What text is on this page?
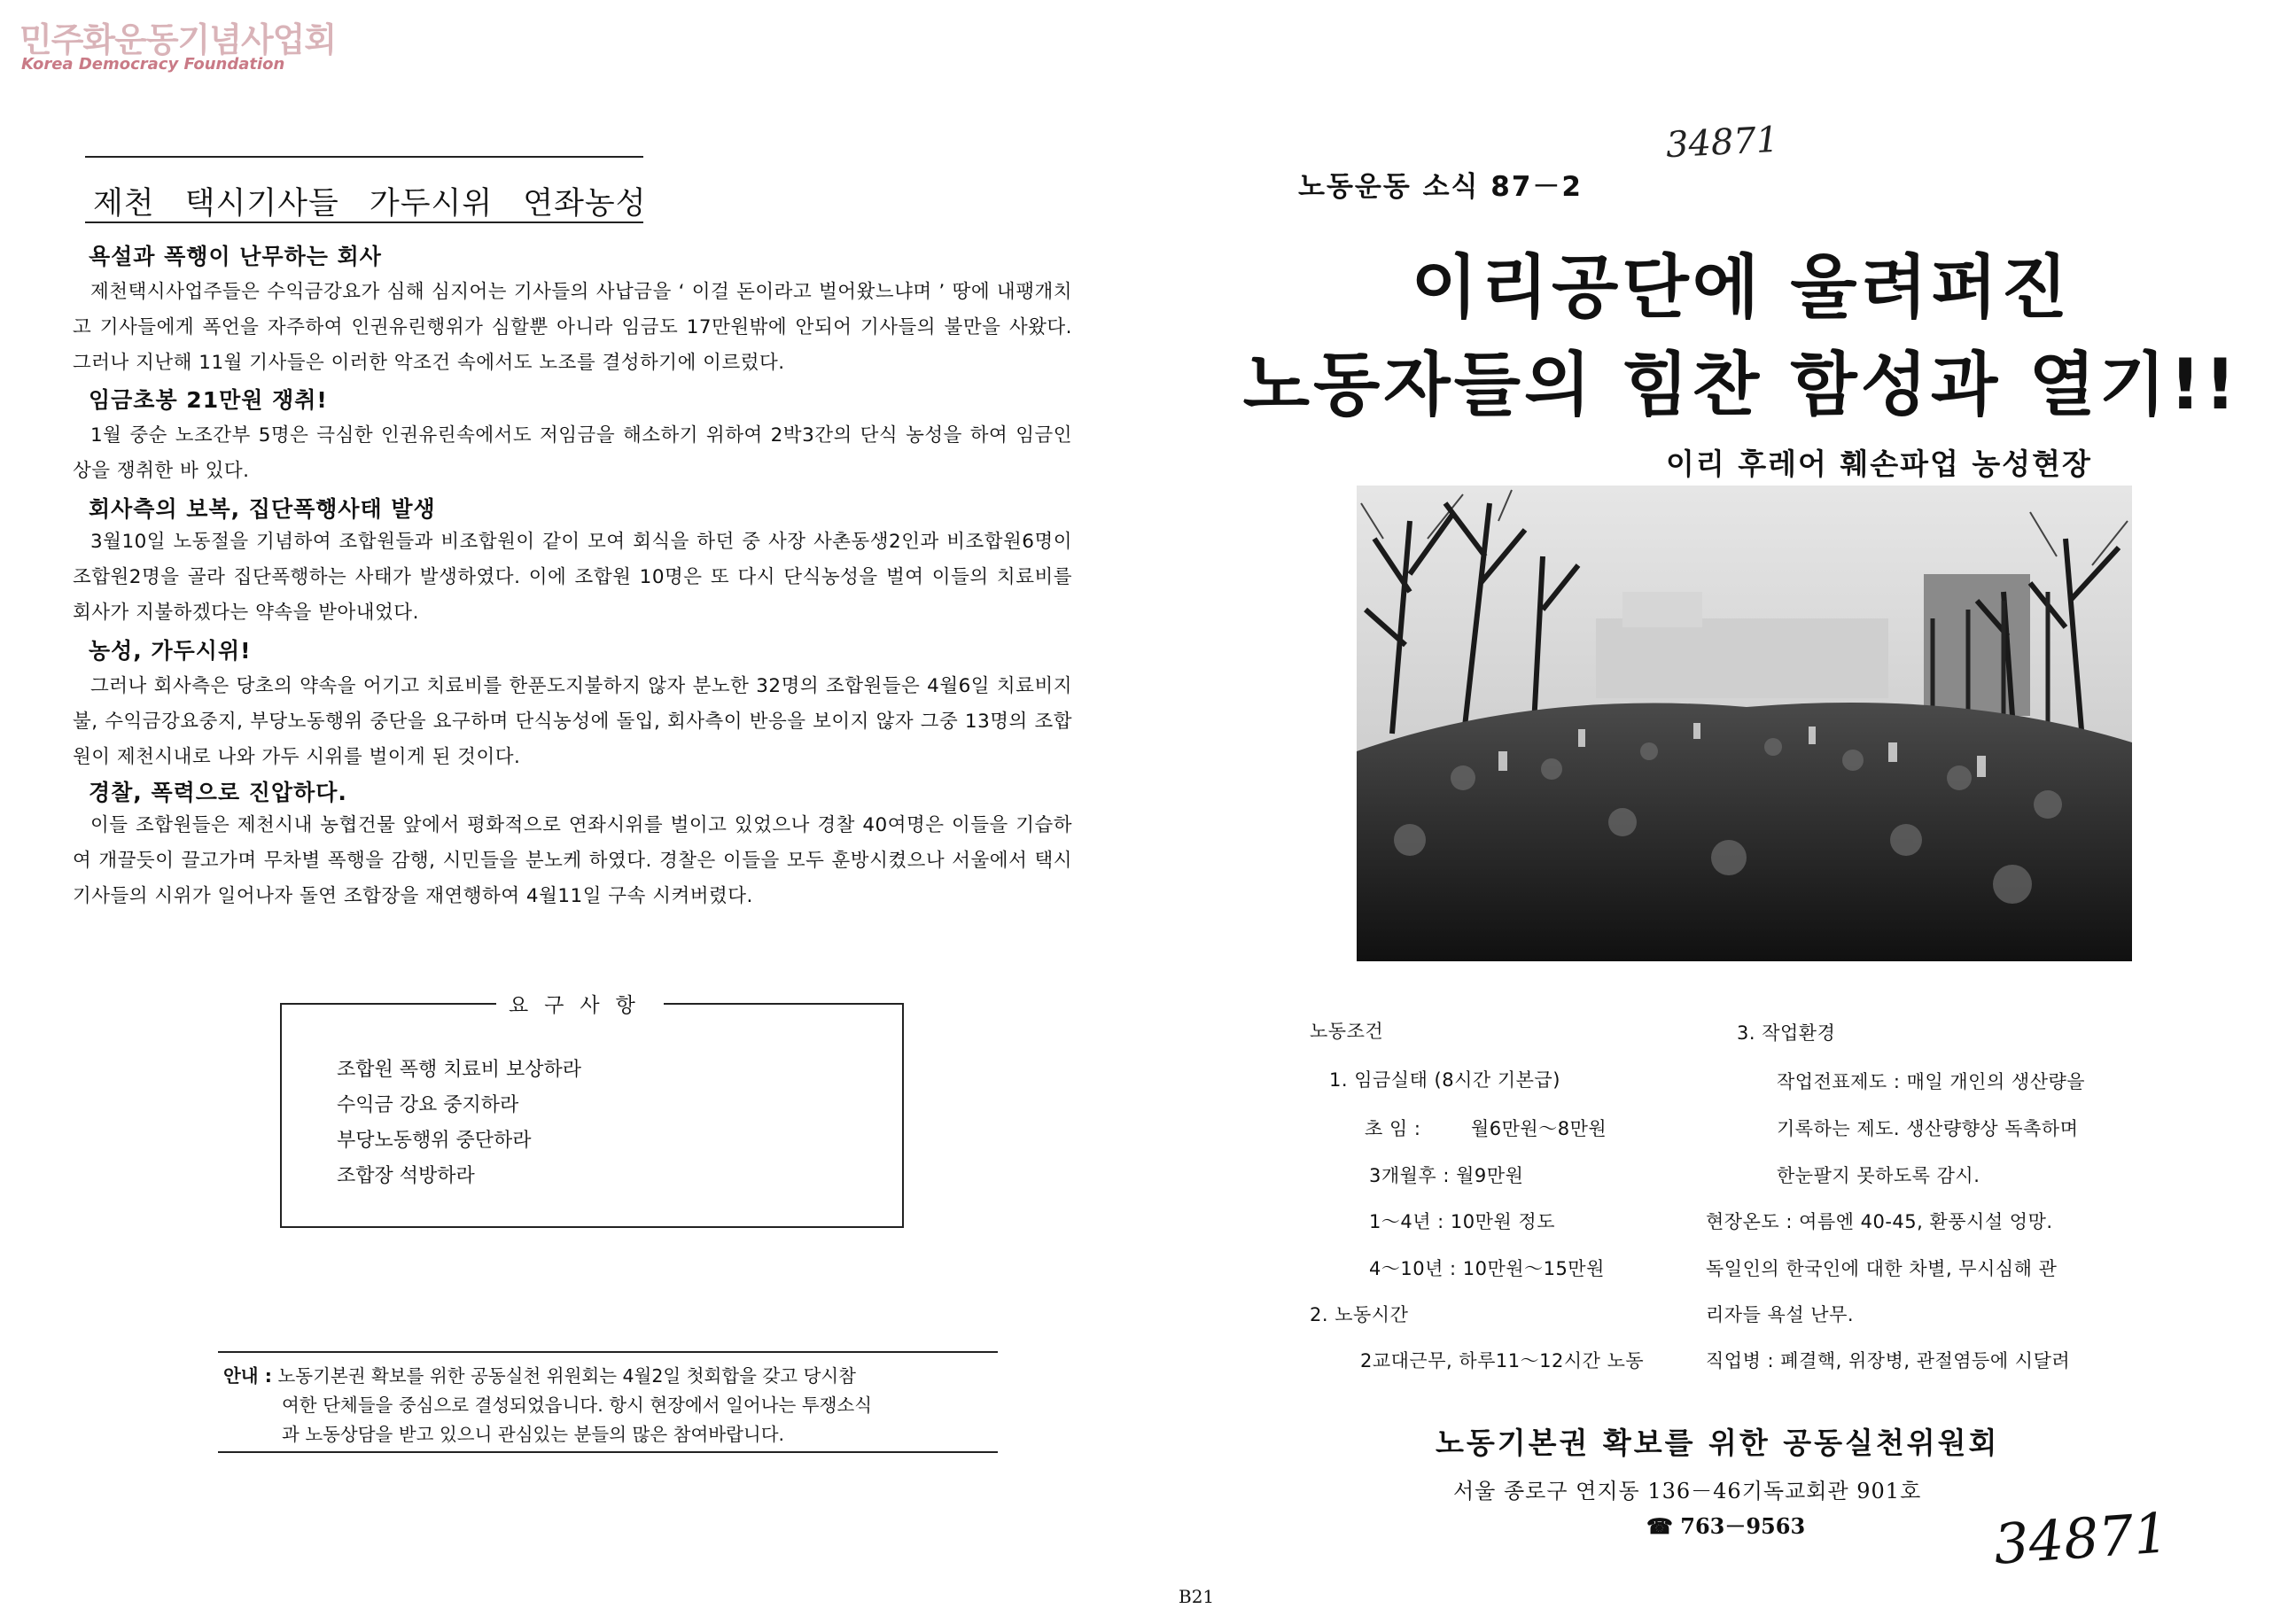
민주화운동기념사업회
Korea Democracy Foundation
제천 택시기사들 가두시위 연좌농성
욕설과 폭행이 난무하는 회사
제천택시사업주들은 수익금강요가 심해 심지어는 기사들의 사납금을 ‘ 이걸 돈이라고 벌어왔느냐며 ’ 땅에 내팽개치고 기사들에게 폭언을 자주하여 인권유린행위가 심할뿐 아니라 임금도 17만원밖에 안되어 기사들의 불만을 사왔다. 그러나 지난해 11월 기사들은 이러한 악조건 속에서도 노조를 결성하기에 이르렀다.
임금초봉 21만원 쟁취!
1월 중순 노조간부 5명은 극심한 인권유린속에서도 저임금을 해소하기 위하여 2박3간의 단식 농성을 하여 임금인상을 쟁취한 바 있다.
회사측의 보복, 집단폭행사태 발생
3월10일 노동절을 기념하여 조합원들과 비조합원이 같이 모여 회식을 하던 중 사장 사촌동생2인과 비조합원6명이 조합원2명을 골라 집단폭행하는 사태가 발생하였다. 이에 조합원 10명은 또 다시 단식농성을 벌여 이들의 치료비를 회사가 지불하겠다는 약속을 받아내었다.
농성, 가두시위!
그러나 회사측은 당초의 약속을 어기고 치료비를 한푼도지불하지 않자 분노한 32명의 조합원들은 4월6일 치료비지불, 수익금강요중지, 부당노동행위 중단을 요구하며 단식농성에 돌입, 회사측이 반응을 보이지 않자 그중 13명의 조합원이 제천시내로 나와 가두 시위를 벌이게 된 것이다.
경찰, 폭력으로 진압하다.
이들 조합원들은 제천시내 농협건물 앞에서 평화적으로 연좌시위를 벌이고 있었으나 경찰 40여명은 이들을 기습하여 개끌듯이 끌고가며 무차별 폭행을 감행, 시민들을 분노케 하였다. 경찰은 이들을 모두 훈방시켰으나 서울에서 택시기사들의 시위가 일어나자 돌연 조합장을 재연행하여 4월11일 구속 시켜버렸다.
요구사항
조합원 폭행 치료비 보상하라
수익금 강요 중지하라
부당노동행위 중단하라
조합장 석방하라
안내 : 노동기본권 확보를 위한 공동실천 위원회는 4월2일 첫회합을 갖고 당시참
여한 단체들을 중심으로 결성되었읍니다. 항시 현장에서 일어나는 투쟁소식
과 노동상담을 받고 있으니 관심있는 분들의 많은 참여바랍니다.
노동운동 소식 87－2
34871
이리공단에 울려퍼진
노동자들의 힘찬 함성과 열기!!
이리 후레어 훼손파업 농성현장
노동조건
1. 임금실태 (8시간 기본급)
초 임 :	월6만원～8만원
3개월후 : 월9만원
1～4년 : 10만원 정도
4～10년 : 10만원～15만원
2. 노동시간
2교대근무, 하루11～12시간 노동
3. 작업환경
작업전표제도 : 매일 개인의 생산량을
기록하는 제도. 생산량향상 독촉하며
한눈팔지 못하도록 감시.
현장온도 : 여름엔 40-45, 환풍시설 엉망.
독일인의 한국인에 대한 차별, 무시심해 관
리자들 욕설 난무.
직업병 : 폐결핵, 위장병, 관절염등에 시달려
노동기본권 확보를 위한 공동실천위원회
서울 종로구 연지동 136－46기독교회관 901호
☎ 763－9563	34871
B21
